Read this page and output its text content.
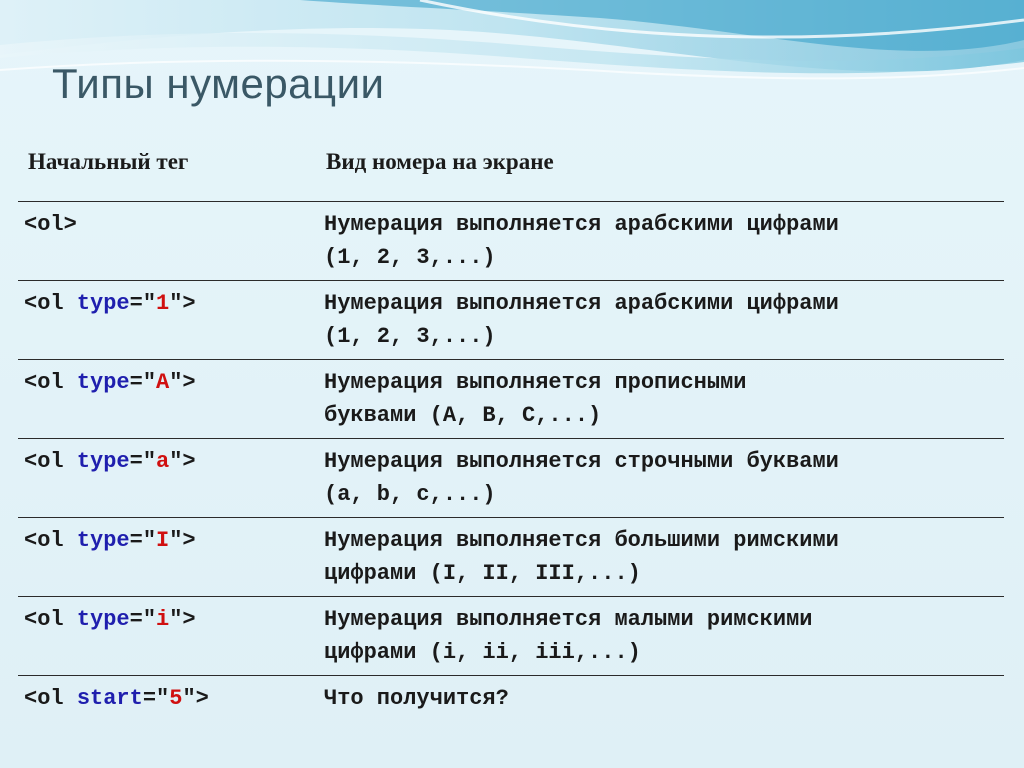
Типы нумерации
Начальный тег	Вид номера на экране
<ol>	Нумерация выполняется арабскими цифрами
(1, 2, 3,...)

<ol type="1">	Нумерация выполняется арабскими цифрами
(1, 2, 3,...)

<ol type="A">	Нумерация выполняется прописными
буквами (A, B, C,...)

<ol type="a">	Нумерация выполняется строчными буквами
(a, b, c,...)

<ol type="I">	Нумерация выполняется большими римскими
цифрами (I, II, III,...)

<ol type="i">	Нумерация выполняется малыми римскими
цифрами (i, ii, iii,...)

<ol start="5">	Что получится?
